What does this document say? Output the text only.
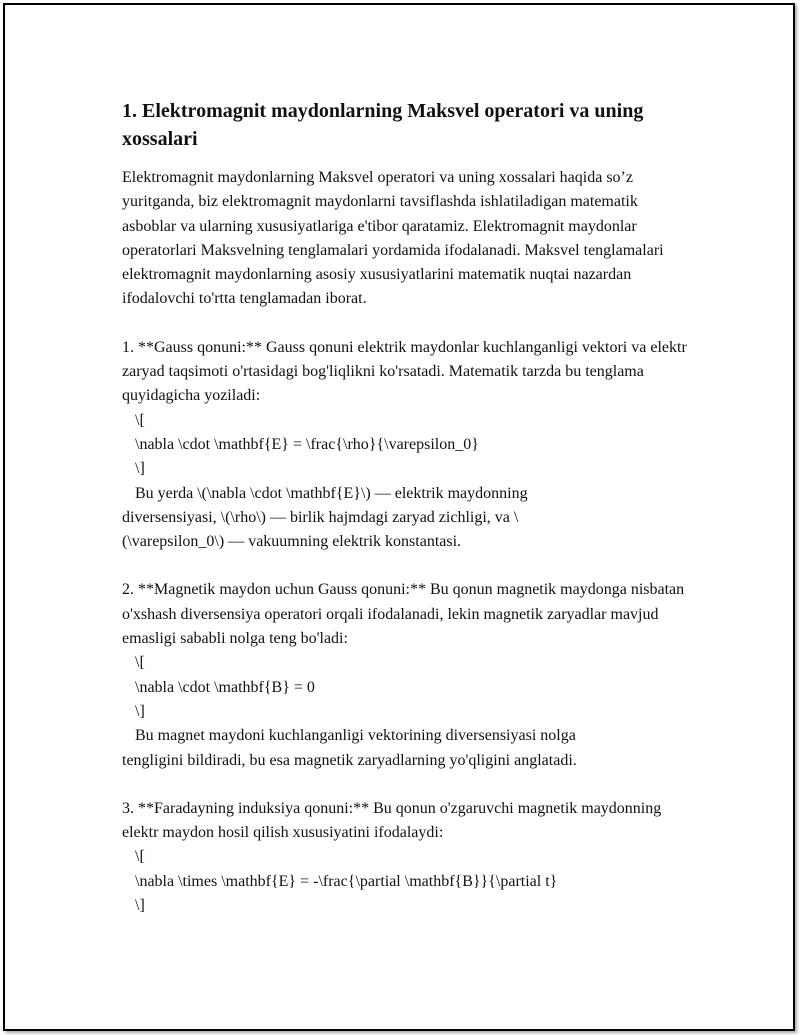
1. Elektromagnit maydonlarning Maksvel operatori va uning xossalari

Elektromagnit maydonlarning Maksvel operatori va uning xossalari haqida so’z yuritganda, biz elektromagnit maydonlarni tavsiflashda ishlatiladigan matematik asboblar va ularning xususiyatlariga e'tibor qaratamiz. Elektromagnit maydonlar operatorlari Maksvelning tenglamalari yordamida ifodalanadi. Maksvel tenglamalari elektromagnit maydonlarning asosiy xususiyatlarini matematik nuqtai nazardan ifodalovchi to'rtta tenglamadan iborat.

1. **Gauss qonuni:** Gauss qonuni elektrik maydonlar kuchlanganligi vektori va elektr zaryad taqsimoti o'rtasidagi bog'liqlikni ko'rsatadi. Matematik tarzda bu tenglama quyidagicha yoziladi:

\[
\nabla \cdot \mathbf{E} = \frac{\rho}{\varepsilon_0}
\]
Bu yerda \(\nabla \cdot \mathbf{E}\) — elektrik maydonning
diversensiyasi, \(\rho\) — birlik hajmdagi zaryad zichligi, va \
(\varepsilon_0\) — vakuumning elektrik konstantasi.

2. **Magnetik maydon uchun Gauss qonuni:** Bu qonun magnetik maydonga nisbatan o'xshash diversensiya operatori orqali ifodalanadi, lekin magnetik zaryadlar mavjud emasligi sababli nolga teng bo'ladi:

\[
\nabla \cdot \mathbf{B} = 0
\]
Bu magnet maydoni kuchlanganligi vektorining diversensiyasi nolga
tengligini bildiradi, bu esa magnetik zaryadlarning yo'qligini anglatadi.

3. **Faradayning induksiya qonuni:** Bu qonun o'zgaruvchi magnetik maydonning elektr maydon hosil qilish xususiyatini ifodalaydi:

\[
\nabla \times \mathbf{E} = -\frac{\partial \mathbf{B}}{\partial t}
\]
